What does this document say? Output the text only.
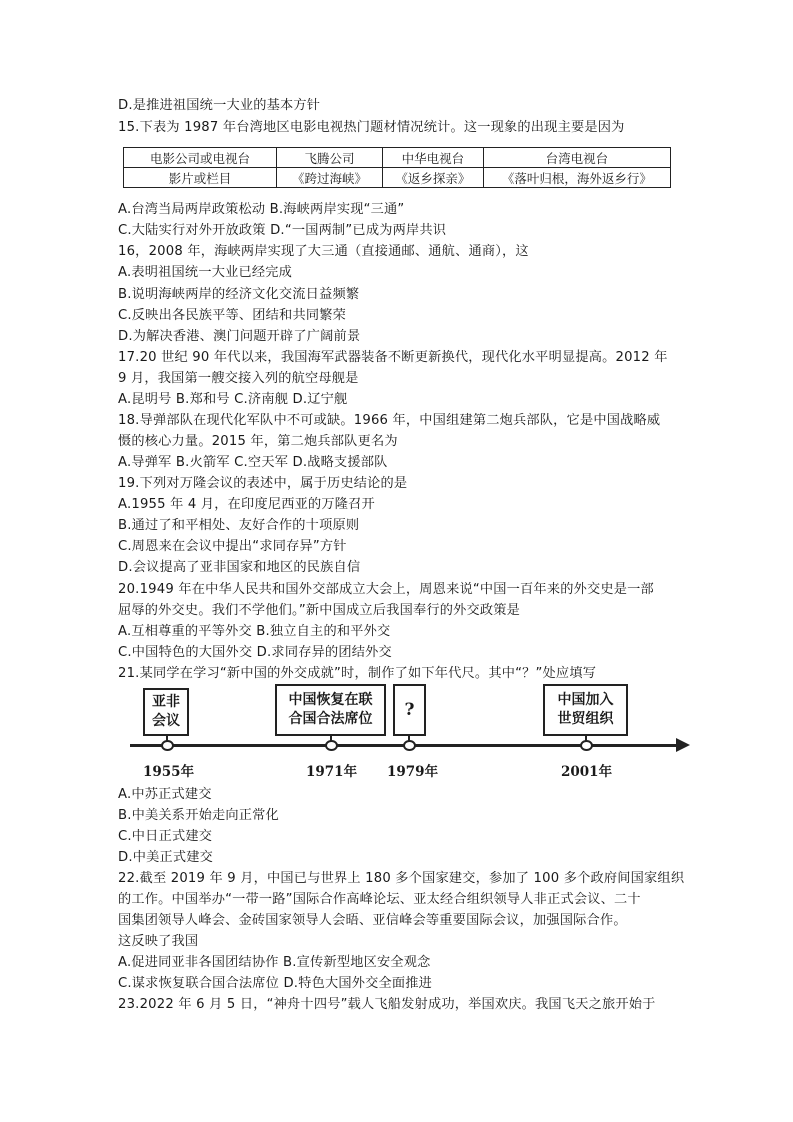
D.是推进祖国统一大业的基本方针
15.下表为 1987 年台湾地区电影电视热门题材情况统计。这一现象的出现主要是因为
电影公司或电视台	飞腾公司	中华电视台	台湾电视台
影片或栏目	《跨过海峡》	《返乡探亲》	《落叶归根，海外返乡行》
A.台湾当局两岸政策松动 B.海峡两岸实现“三通”
C.大陆实行对外开放政策 D.“一国两制”已成为两岸共识
16，2008 年，海峡两岸实现了大三通（直接通邮、通航、通商），这
A.表明祖国统一大业已经完成
B.说明海峡两岸的经济文化交流日益频繁
C.反映出各民族平等、团结和共同繁荣
D.为解决香港、澳门问题开辟了广阔前景
17.20 世纪 90 年代以来，我国海军武器装备不断更新换代，现代化水平明显提高。2012 年
9 月，我国第一艘交接入列的航空母舰是
A.昆明号 B.郑和号 C.济南舰 D.辽宁舰
18.导弹部队在现代化军队中不可或缺。1966 年，中国组建第二炮兵部队，它是中国战略威
慑的核心力量。2015 年，第二炮兵部队更名为
A.导弹军 B.火箭军 C.空天军 D.战略支援部队
19.下列对万隆会议的表述中，属于历史结论的是
A.1955 年 4 月，在印度尼西亚的万隆召开
B.通过了和平相处、友好合作的十项原则
C.周恩来在会议中提出“求同存异”方针
D.会议提高了亚非国家和地区的民族自信
20.1949 年在中华人民共和国外交部成立大会上，周恩来说“中国一百年来的外交史是一部
屈辱的外交史。我们不学他们。”新中国成立后我国奉行的外交政策是
A.互相尊重的平等外交 B.独立自主的和平外交
C.中国特色的大国外交 D.求同存异的团结外交
21.某同学在学习“新中国的外交成就”时，制作了如下年代尺。其中“？”处应填写
亚非
会议
中国恢复在联
合国合法席位 ?	中国加入
世贸组织
1955年	1971年 1979年	2001年
A.中苏正式建交
B.中美关系开始走向正常化
C.中日正式建交
D.中美正式建交
22.截至 2019 年 9 月，中国已与世界上 180 多个国家建交，参加了 100 多个政府间国家组织
的工作。中国举办“一带一路”国际合作高峰论坛、亚太经合组织领导人非正式会议、二十
国集团领导人峰会、金砖国家领导人会晤、亚信峰会等重要国际会议，加强国际合作。
这反映了我国
A.促进同亚非各国团结协作 B.宣传新型地区安全观念
C.谋求恢复联合国合法席位 D.特色大国外交全面推进
23.2022 年 6 月 5 日，“神舟十四号”载人飞船发射成功，举国欢庆。我国飞天之旅开始于
